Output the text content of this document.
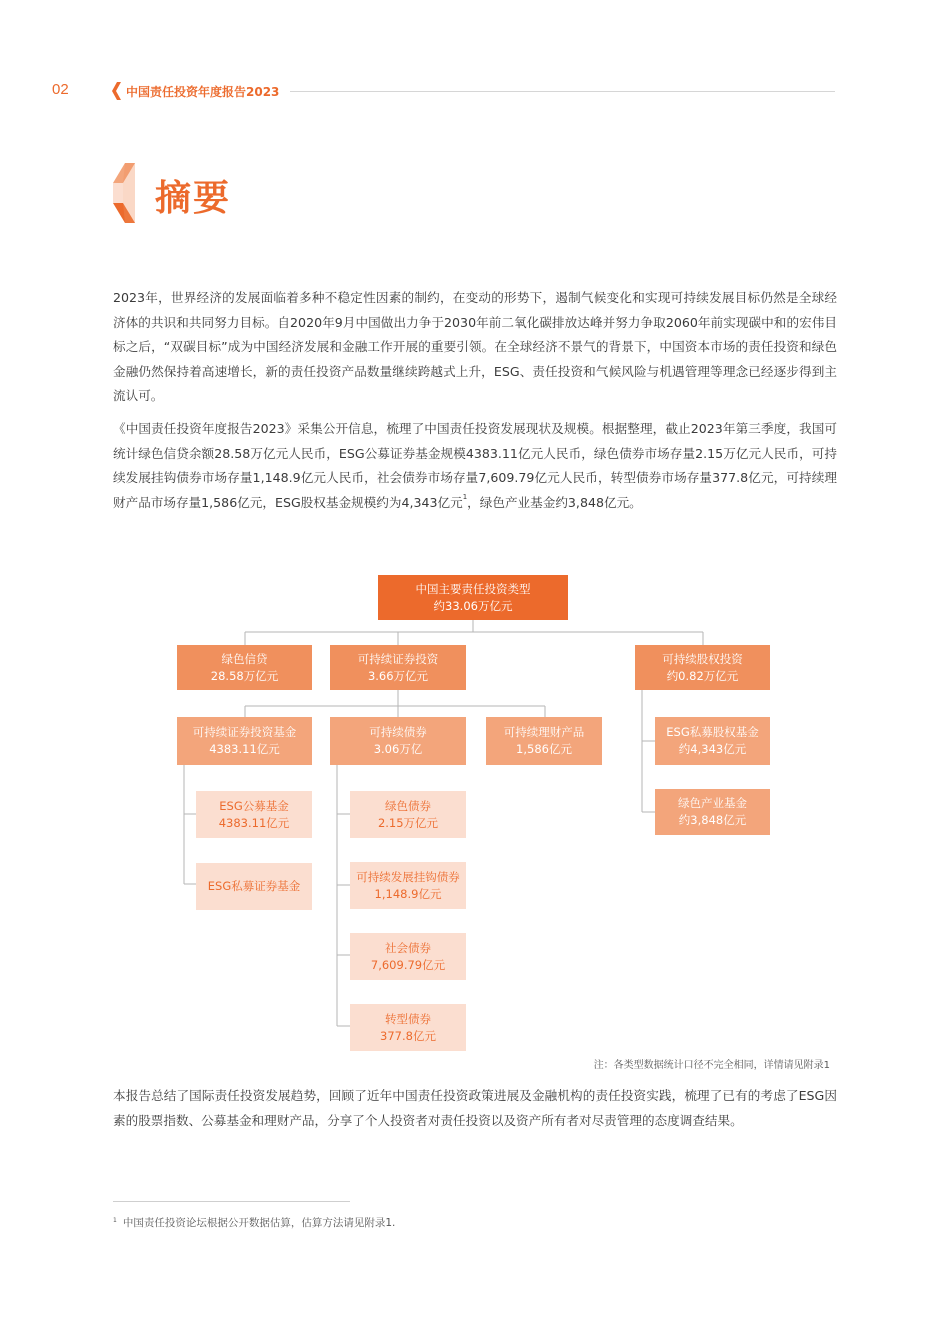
02	中国责任投资年度报告2023
摘要

2023年，世界经济的发展面临着多种不稳定性因素的制约，在变动的形势下，遏制气候变化和实现可持续发展目标仍然是全球经济体的共识和共同努力目标。自2020年9月中国做出力争于2030年前二氧化碳排放达峰并努力争取2060年前实现碳中和的宏伟目标之后，“双碳目标”成为中国经济发展和金融工作开展的重要引领。在全球经济不景气的背景下，中国资本市场的责任投资和绿色金融仍然保持着高速增长，新的责任投资产品数量继续跨越式上升，ESG、责任投资和气候风险与机遇管理等理念已经逐步得到主流认可。

《中国责任投资年度报告2023》采集公开信息，梳理了中国责任投资发展现状及规模。根据整理，截止2023年第三季度，我国可统计绿色信贷余额28.58万亿元人民币，ESG公募证券基金规模4383.11亿元人民币，绿色债券市场存量2.15万亿元人民币，可持续发展挂钩债券市场存量1,148.9亿元人民币，社会债券市场存量7,609.79亿元人民币，转型债券市场存量377.8亿元，可持续理财产品市场存量1,586亿元，ESG股权基金规模约为4,343亿元$^1$，绿色产业基金约3,848亿元。

中国主要责任投资类型
约33.06万亿元
绿色信贷
28.58万亿元
可持续证券投资
3.66万亿元
可持续股权投资
约0.82万亿元
可持续证券投资基金
4383.11亿元
可持续债券
3.06万亿
可持续理财产品
1,586亿元
ESG私募股权基金
约4,343亿元
绿色产业基金
约3,848亿元
ESG公募基金
4383.11亿元
ESG私募证券基金
绿色债券
2.15万亿元
可持续发展挂钩债券
1,148.9亿元
社会债券
7,609.79亿元
转型债券
377.8亿元
注：各类型数据统计口径不完全相同，详情请见附录1

本报告总结了国际责任投资发展趋势，回顾了近年中国责任投资政策进展及金融机构的责任投资实践，梳理了已有的考虑了ESG因素的股票指数、公募基金和理财产品，分享了个人投资者对责任投资以及资产所有者对尽责管理的态度调查结果。

$^1$ 中国责任投资论坛根据公开数据估算，估算方法请见附录1.
